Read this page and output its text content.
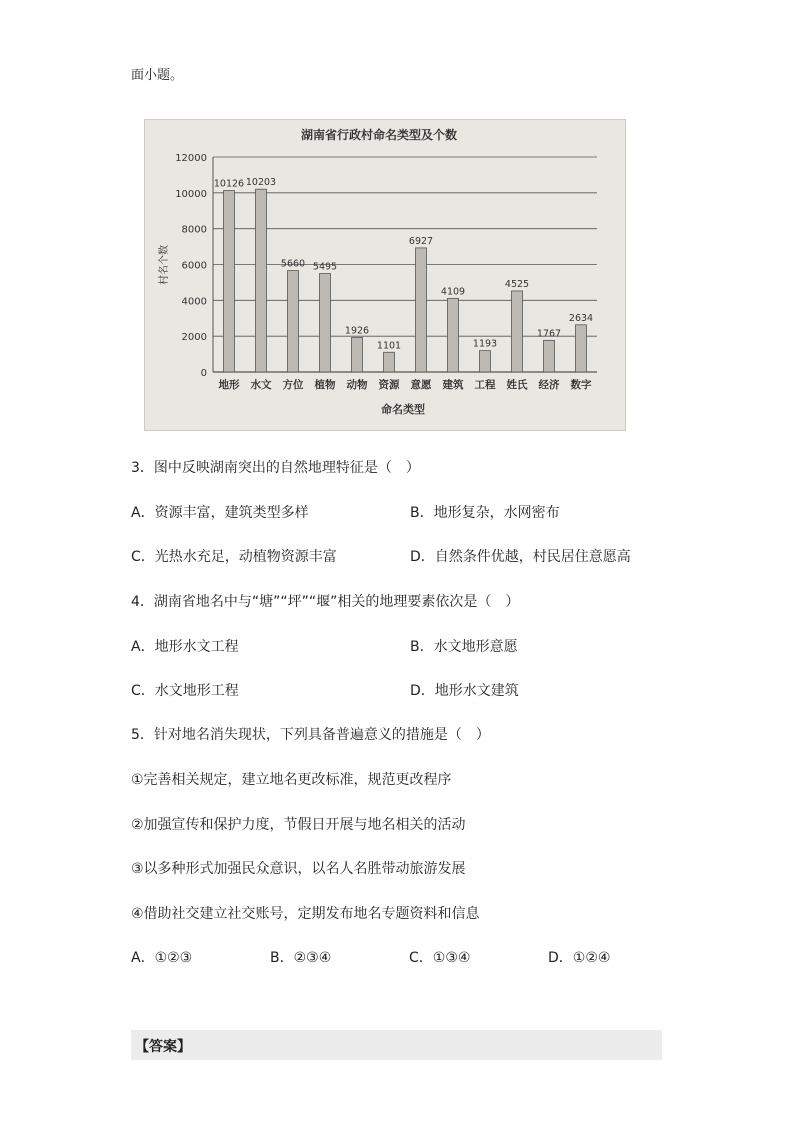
面小题。
湖南省行政村命名类型及个数
命名类型
村名个数
0
2000
4000
6000
8000
10000
12000
10126
地形
10203
水文
5660
方位
5495
植物
1926
动物
1101
资源
6927
意愿
4109
建筑
1193
工程
4525
姓氏
1767
经济
2634
数字
3．图中反映湖南突出的自然地理特征是（　）
A．资源丰富，建筑类型多样	B．地形复杂，水网密布
C．光热水充足，动植物资源丰富	D．自然条件优越，村民居住意愿高
4．湖南省地名中与“塘”“坪”“堰”相关的地理要素依次是（　）
A．地形水文工程	B．水文地形意愿
C．水文地形工程	D．地形水文建筑
5．针对地名消失现状，下列具备普遍意义的措施是（　）
①完善相关规定，建立地名更改标准，规范更改程序
②加强宣传和保护力度，节假日开展与地名相关的活动
③以多种形式加强民众意识，以名人名胜带动旅游发展
④借助社交建立社交账号，定期发布地名专题资料和信息
A．①②③	B．②③④	C．①③④	D．①②④
【答案】
